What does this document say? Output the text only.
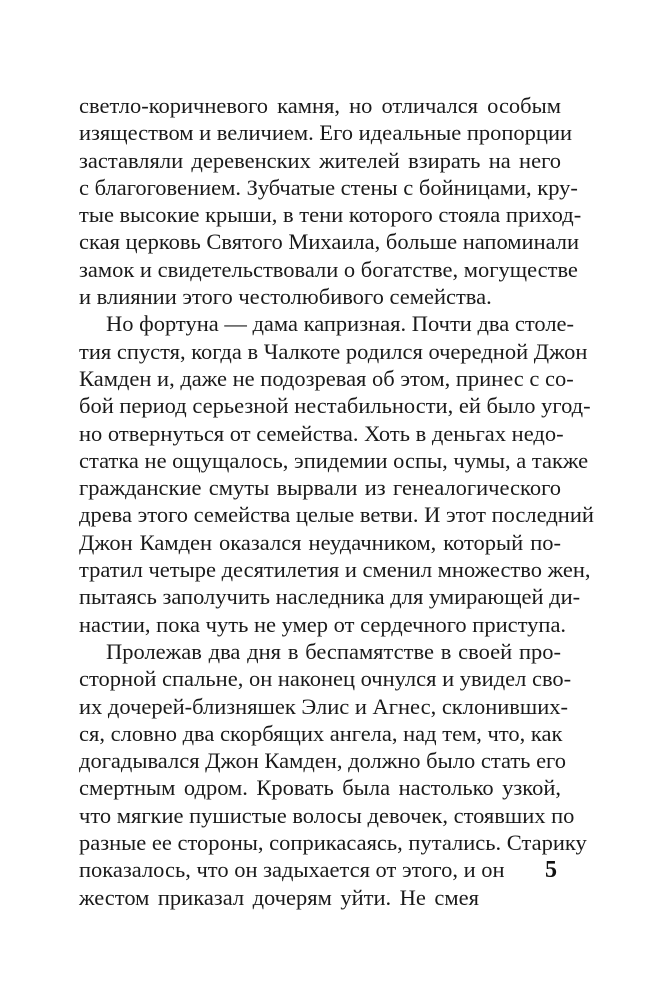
светло-коричневого камня, но отличался особым
изяществом и величием. Его идеальные пропорции
заставляли деревенских жителей взирать на него
с благоговением. Зубчатые стены с бойницами, кру-
тые высокие крыши, в тени которого стояла приход-
ская церковь Святого Михаила, больше напоминали
замок и свидетельствовали о богатстве, могуществе
и влиянии этого честолюбивого семейства.
Но фортуна — дама капризная. Почти два столе-
тия спустя, когда в Чалкоте родился очередной Джон
Камден и, даже не подозревая об этом, принес с со-
бой период серьезной нестабильности, ей было угод-
но отвернуться от семейства. Хоть в деньгах недо-
статка не ощущалось, эпидемии оспы, чумы, а также
гражданские смуты вырвали из генеалогического
древа этого семейства целые ветви. И этот последний
Джон Камден оказался неудачником, который по-
тратил четыре десятилетия и сменил множество жен,
пытаясь заполучить наследника для умирающей ди-
настии, пока чуть не умер от сердечного приступа.
Пролежав два дня в беспамятстве в своей про-
сторной спальне, он наконец очнулся и увидел сво-
их дочерей-близняшек Элис и Агнес, склонивших-
ся, словно два скорбящих ангела, над тем, что, как
догадывался Джон Камден, должно было стать его
смертным одром. Кровать была настолько узкой,
что мягкие пушистые волосы девочек, стоявших по
разные ее стороны, соприкасаясь, путались. Старику
показалось, что он задыхается от этого, и он
жестом приказал дочерям уйти. Не смея
5
